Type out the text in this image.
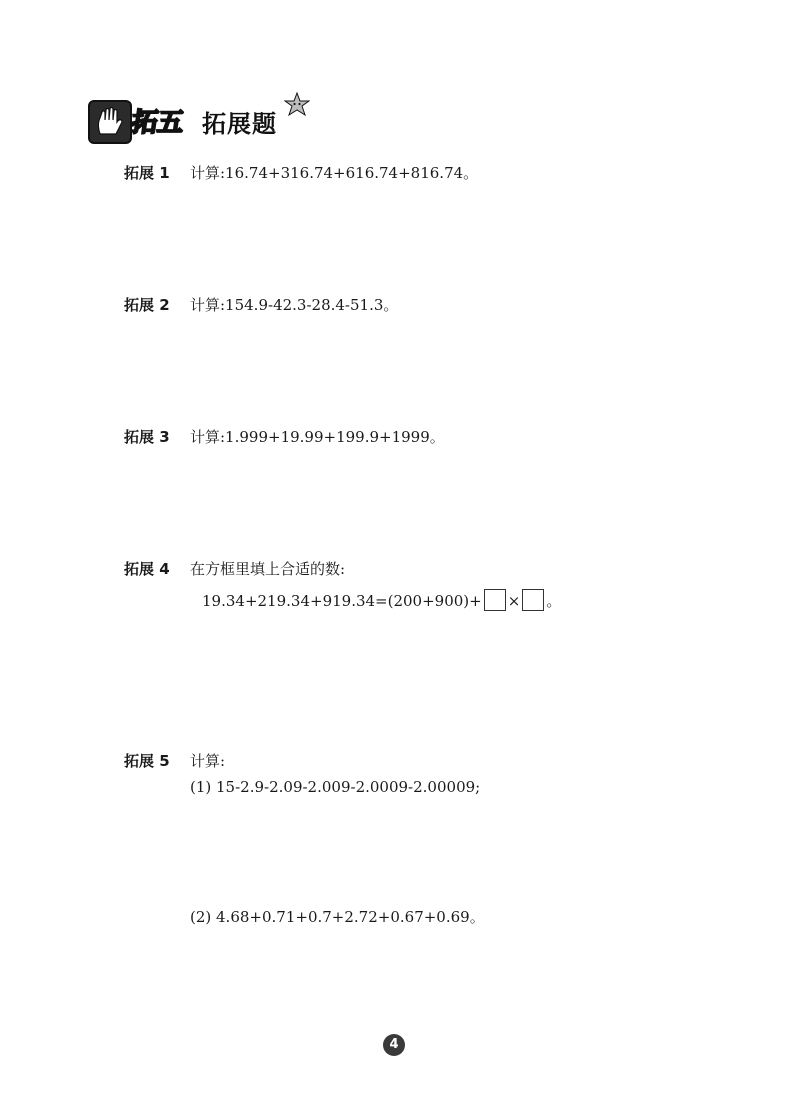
拓五 拓展题
拓展 1 计算:16.74+316.74+616.74+816.74。
拓展 2 计算:154.9-42.3-28.4-51.3。
拓展 3 计算:1.999+19.99+199.9+1999。
拓展 4 在方框里填上合适的数:
19.34+219.34+919.34=(200+900)+ × 。
拓展 5 计算:
(1) 15-2.9-2.09-2.009-2.0009-2.00009;
(2) 4.68+0.71+0.7+2.72+0.67+0.69。
4
